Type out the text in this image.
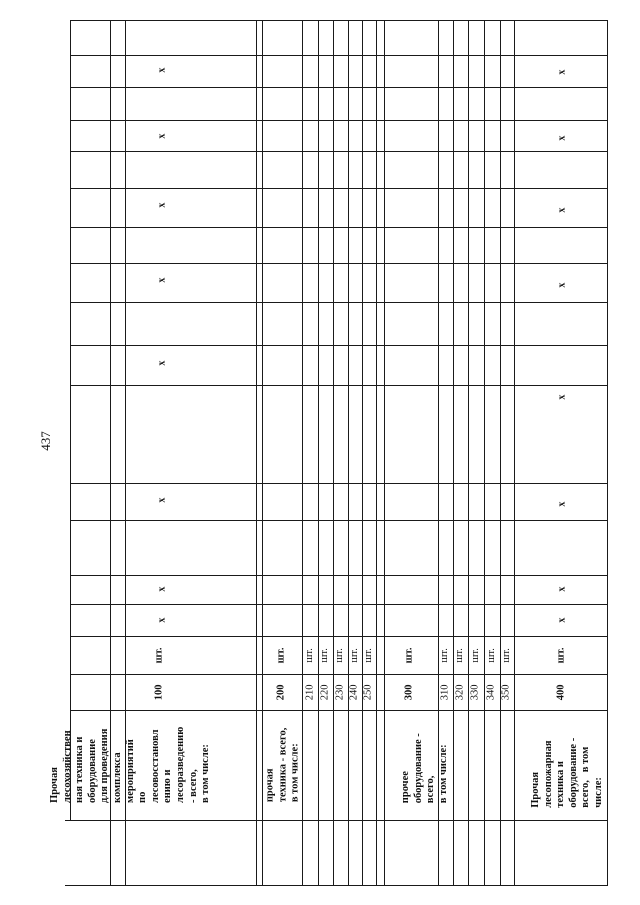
437
Прочая
лесохозяйствен
ная техника и
оборудование
для проведения
комплекса
мероприятий
по
лесовосстановл
ению и
лесоразведению
- всего,
в том числе:
100
шт.
x
x
x
x
x
x
x
x
прочая
техника - всего,
в том числе:
200
шт.
210
шт.
220
шт.
230
шт.
240
шт.
250
шт.
прочее
оборудование -
всего,
в том числе:
300
шт.
310
шт.
320
шт.
330
шт.
340
шт.
350
шт.
Прочая
лесопожарная
техника и
оборудование -
всего,   в том
числе:
400
шт.
x
x
x
x
x
x
x
x
